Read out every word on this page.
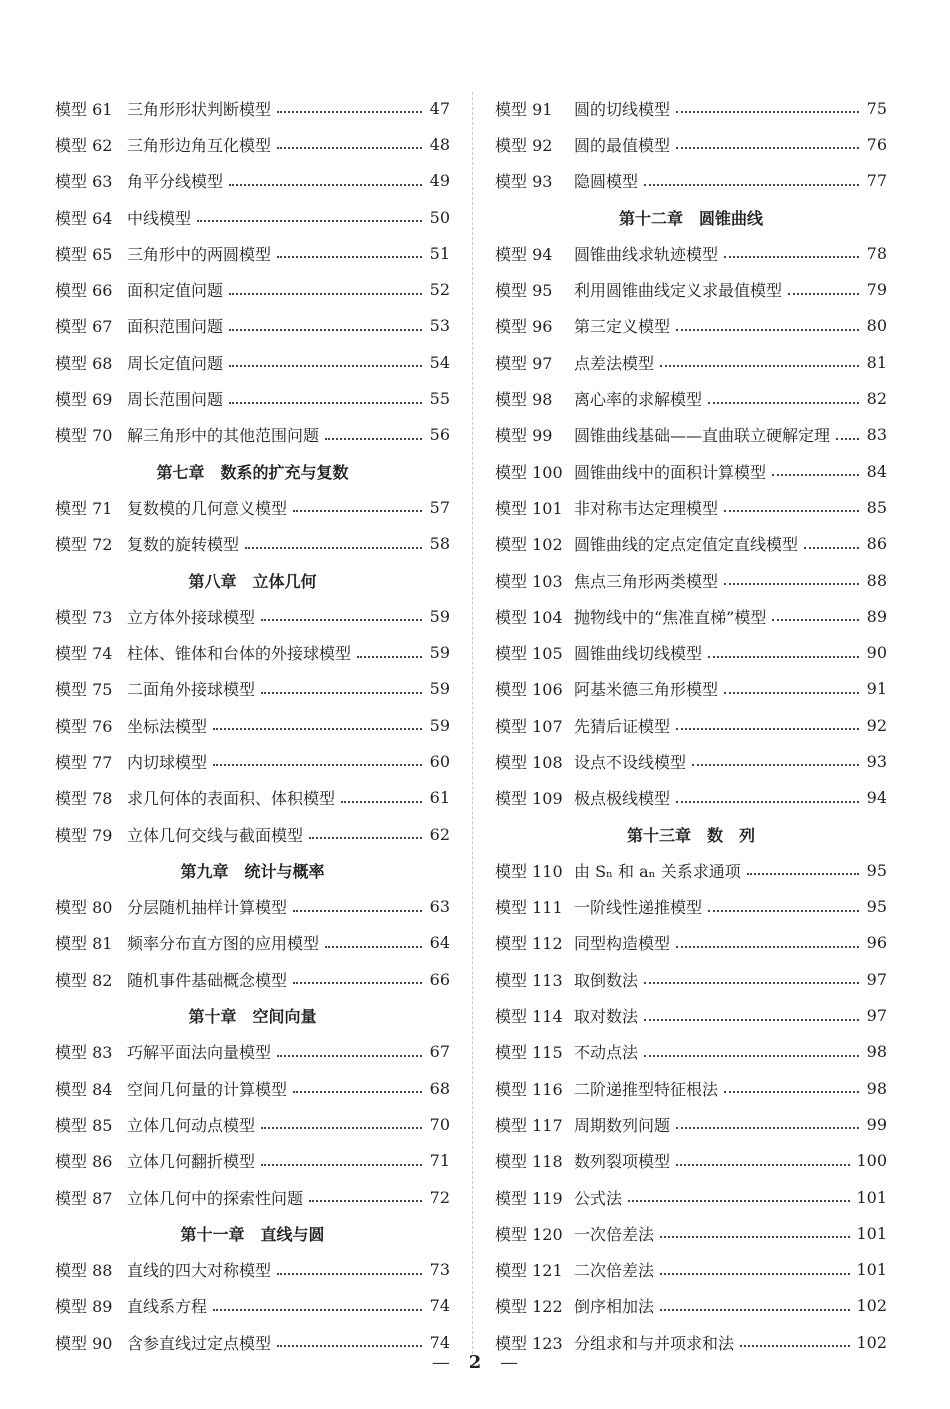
模型 61 三角形形状判断模型	47
模型 62 三角形边角互化模型	48
模型 63 角平分线模型	49
模型 64 中线模型	50
模型 65 三角形中的两圆模型	51
模型 66 面积定值问题	52
模型 67 面积范围问题	53
模型 68 周长定值问题	54
模型 69 周长范围问题	55
模型 70 解三角形中的其他范围问题	56
第七章　数系的扩充与复数
模型 71 复数模的几何意义模型	57
模型 72 复数的旋转模型	58
第八章　立体几何
模型 73 立方体外接球模型	59
模型 74 柱体、锥体和台体的外接球模型	59
模型 75 二面角外接球模型	59
模型 76 坐标法模型	59
模型 77 内切球模型	60
模型 78 求几何体的表面积、体积模型	61
模型 79 立体几何交线与截面模型	62
第九章　统计与概率
模型 80 分层随机抽样计算模型	63
模型 81 频率分布直方图的应用模型	64
模型 82 随机事件基础概念模型	66
第十章　空间向量
模型 83 巧解平面法向量模型	67
模型 84 空间几何量的计算模型	68
模型 85 立体几何动点模型	70
模型 86 立体几何翻折模型	71
模型 87 立体几何中的探索性问题	72
第十一章　直线与圆
模型 88 直线的四大对称模型	73
模型 89 直线系方程	74
模型 90 含参直线过定点模型	74
模型 91	圆的切线模型	75
模型 92	圆的最值模型	76
模型 93	隐圆模型	77
第十二章　圆锥曲线
模型 94	圆锥曲线求轨迹模型	78
模型 95	利用圆锥曲线定义求最值模型	79
模型 96	第三定义模型	80
模型 97	点差法模型	81
模型 98	离心率的求解模型	82
模型 99	圆锥曲线基础——直曲联立硬解定理 83
模型 100 圆锥曲线中的面积计算模型	84
模型 101 非对称韦达定理模型	85
模型 102 圆锥曲线的定点定值定直线模型	86
模型 103 焦点三角形两类模型	88
模型 104 抛物线中的“焦准直梯”模型	89
模型 105 圆锥曲线切线模型	90
模型 106 阿基米德三角形模型	91
模型 107 先猜后证模型	92
模型 108 设点不设线模型	93
模型 109 极点极线模型	94
第十三章　数　列
模型 110 由 Sₙ 和 aₙ 关系求通项	95
模型 111 一阶线性递推模型	95
模型 112 同型构造模型	96
模型 113 取倒数法	97
模型 114 取对数法	97
模型 115 不动点法	98
模型 116 二阶递推型特征根法	98
模型 117 周期数列问题	99
模型 118 数列裂项模型	100
模型 119 公式法	101
模型 120 一次倍差法	101
模型 121 二次倍差法	101
模型 122 倒序相加法	102
模型 123 分组求和与并项求和法	102
— 2 —
